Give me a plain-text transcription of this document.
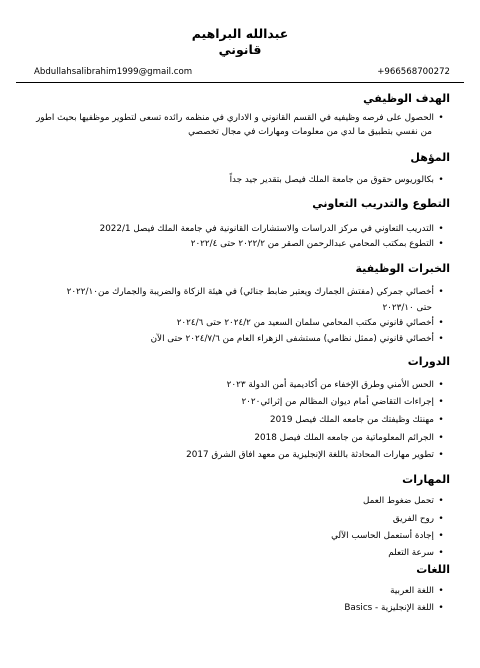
عبدالله البراهيم
قانوني
Abdullahsalibrahim1999@gmail.com	+966568700272
الهدف الوظيفي
•الحصول على فرصه وظيفيه في القسم القانوني و الاداري في منظمه رائده تسعى لتطوير موظفيها بحيث اطور
من نفسي بتطبيق ما لدي من معلومات ومهارات في مجال تخصصي
المؤهل
•بكالوريوس حقوق من جامعة الملك فيصل بتقدير جيد جداً
التطوع والتدريب التعاوني
•التدريب التعاوني في مركز الدراسات والاستشارات القانونية في جامعة الملك فيصل 2022/1
•التطوع بمكتب المحامي عبدالرحمن الصقر من ٢٠٢٢/٢ حتى ٢٠٢٢/٤
الخبرات الوظيفية
•أخصائي جمركي (مفتش الجمارك ويعتبر ضابط جنائي) في هيئة الزكاة والضريبة والجمارك من٢٠٢٢/١٠
حتى ٢٠٢٣/١٠
•أخصائي قانوني مكتب المحامي سلمان السعيد من ٢٠٢٤/٢ حتى ٢٠٢٤/٦
•أخصائي قانوني (ممثل نظامي) مستشفى الزهراء العام من ٢٠٢٤/٧/٦ حتى الآن
الدورات
•الحس الأمني وطرق الإخفاء من أكاديمية أمن الدولة ٢٠٢٣
•إجراءات التقاضي أمام ديوان المظالم من إثرائي٢٠٢٠
•مهنتك وظيفتك من جامعه الملك فيصل 2019
•الجرائم المعلوماتية من جامعه الملك فيصل 2018
•تطوير مهارات المحادثة باللغة الإنجليزية من معهد افاق الشرق 2017
المهارات
•تحمل ضغوط العمل
•روح الفريق
•إجادة أستعمل الحاسب الآلي
•سرعة التعلم
اللغات
•اللغة العربية
•اللغة الإنجليزية - Basics
